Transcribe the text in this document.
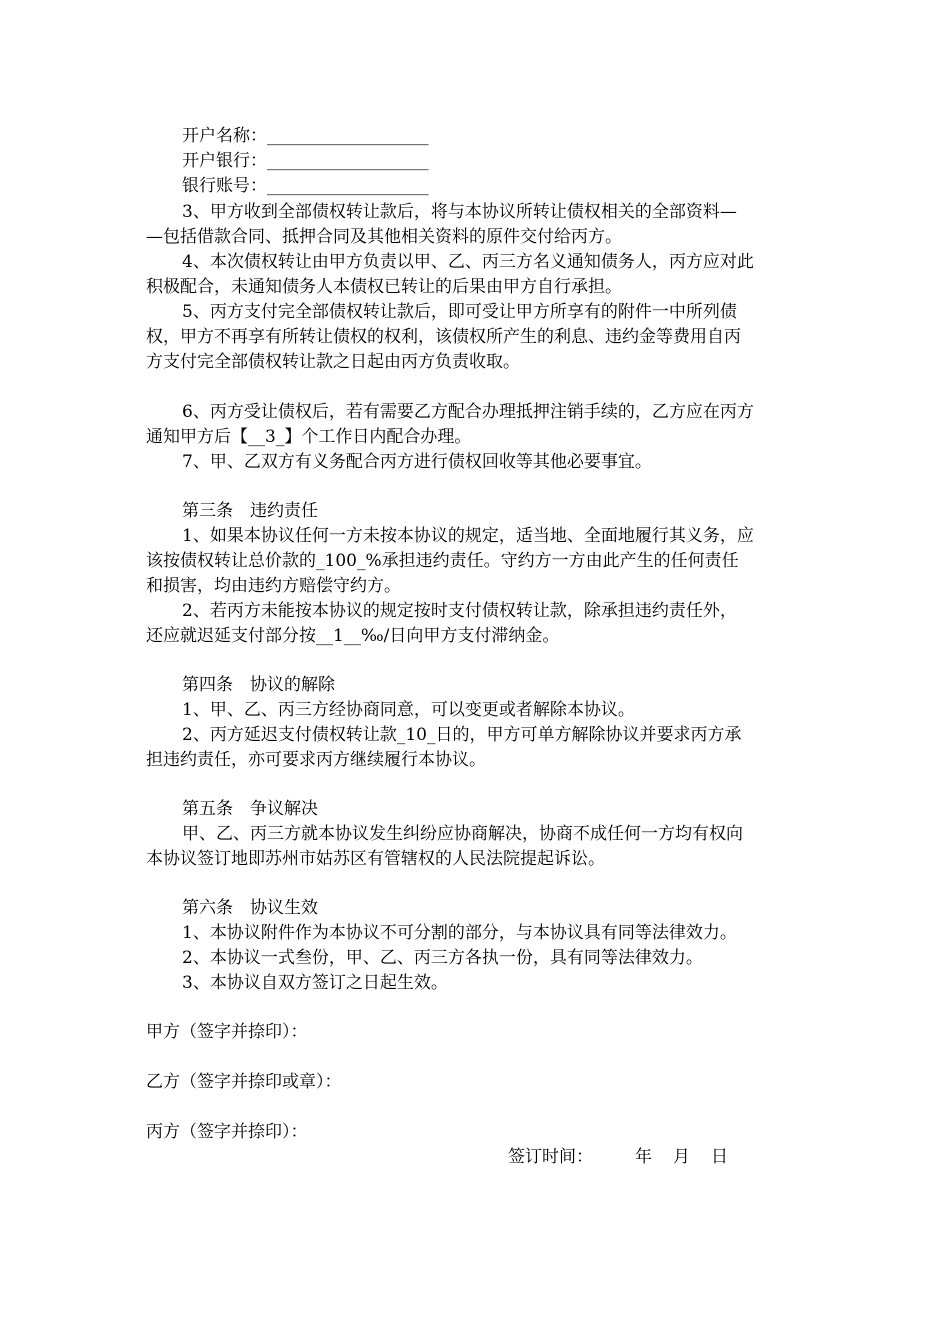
开户名称：___________________
开户银行：___________________
银行账号：___________________
3、甲方收到全部债权转让款后，将与本协议所转让债权相关的全部资料—
—包括借款合同、抵押合同及其他相关资料的原件交付给丙方。
4、本次债权转让由甲方负责以甲、乙、丙三方名义通知债务人，丙方应对此
积极配合，未通知债务人本债权已转让的后果由甲方自行承担。
5、丙方支付完全部债权转让款后，即可受让甲方所享有的附件一中所列债
权，甲方不再享有所转让债权的权利，该债权所产生的利息、违约金等费用自丙
方支付完全部债权转让款之日起由丙方负责收取。
6、丙方受让债权后，若有需要乙方配合办理抵押注销手续的，乙方应在丙方
通知甲方后【__3_】个工作日内配合办理。
7、甲、乙双方有义务配合丙方进行债权回收等其他必要事宜。
第三条 违约责任
1、如果本协议任何一方未按本协议的规定，适当地、全面地履行其义务，应
该按债权转让总价款的_100_%承担违约责任。守约方一方由此产生的任何责任
和损害，均由违约方赔偿守约方。
2、若丙方未能按本协议的规定按时支付债权转让款，除承担违约责任外，
还应就迟延支付部分按__1__‰/日向甲方支付滞纳金。
第四条 协议的解除
1、甲、乙、丙三方经协商同意，可以变更或者解除本协议。
2、丙方延迟支付债权转让款_10_日的，甲方可单方解除协议并要求丙方承
担违约责任，亦可要求丙方继续履行本协议。
第五条 争议解决
甲、乙、丙三方就本协议发生纠纷应协商解决，协商不成任何一方均有权向
本协议签订地即苏州市姑苏区有管辖权的人民法院提起诉讼。
第六条 协议生效
1、本协议附件作为本协议不可分割的部分，与本协议具有同等法律效力。
2、本协议一式叁份，甲、乙、丙三方各执一份，具有同等法律效力。
3、本协议自双方签订之日起生效。
甲方（签字并捺印）：
乙方（签字并捺印或章）：
丙方（签字并捺印）：
签订时间： 年 月 日
